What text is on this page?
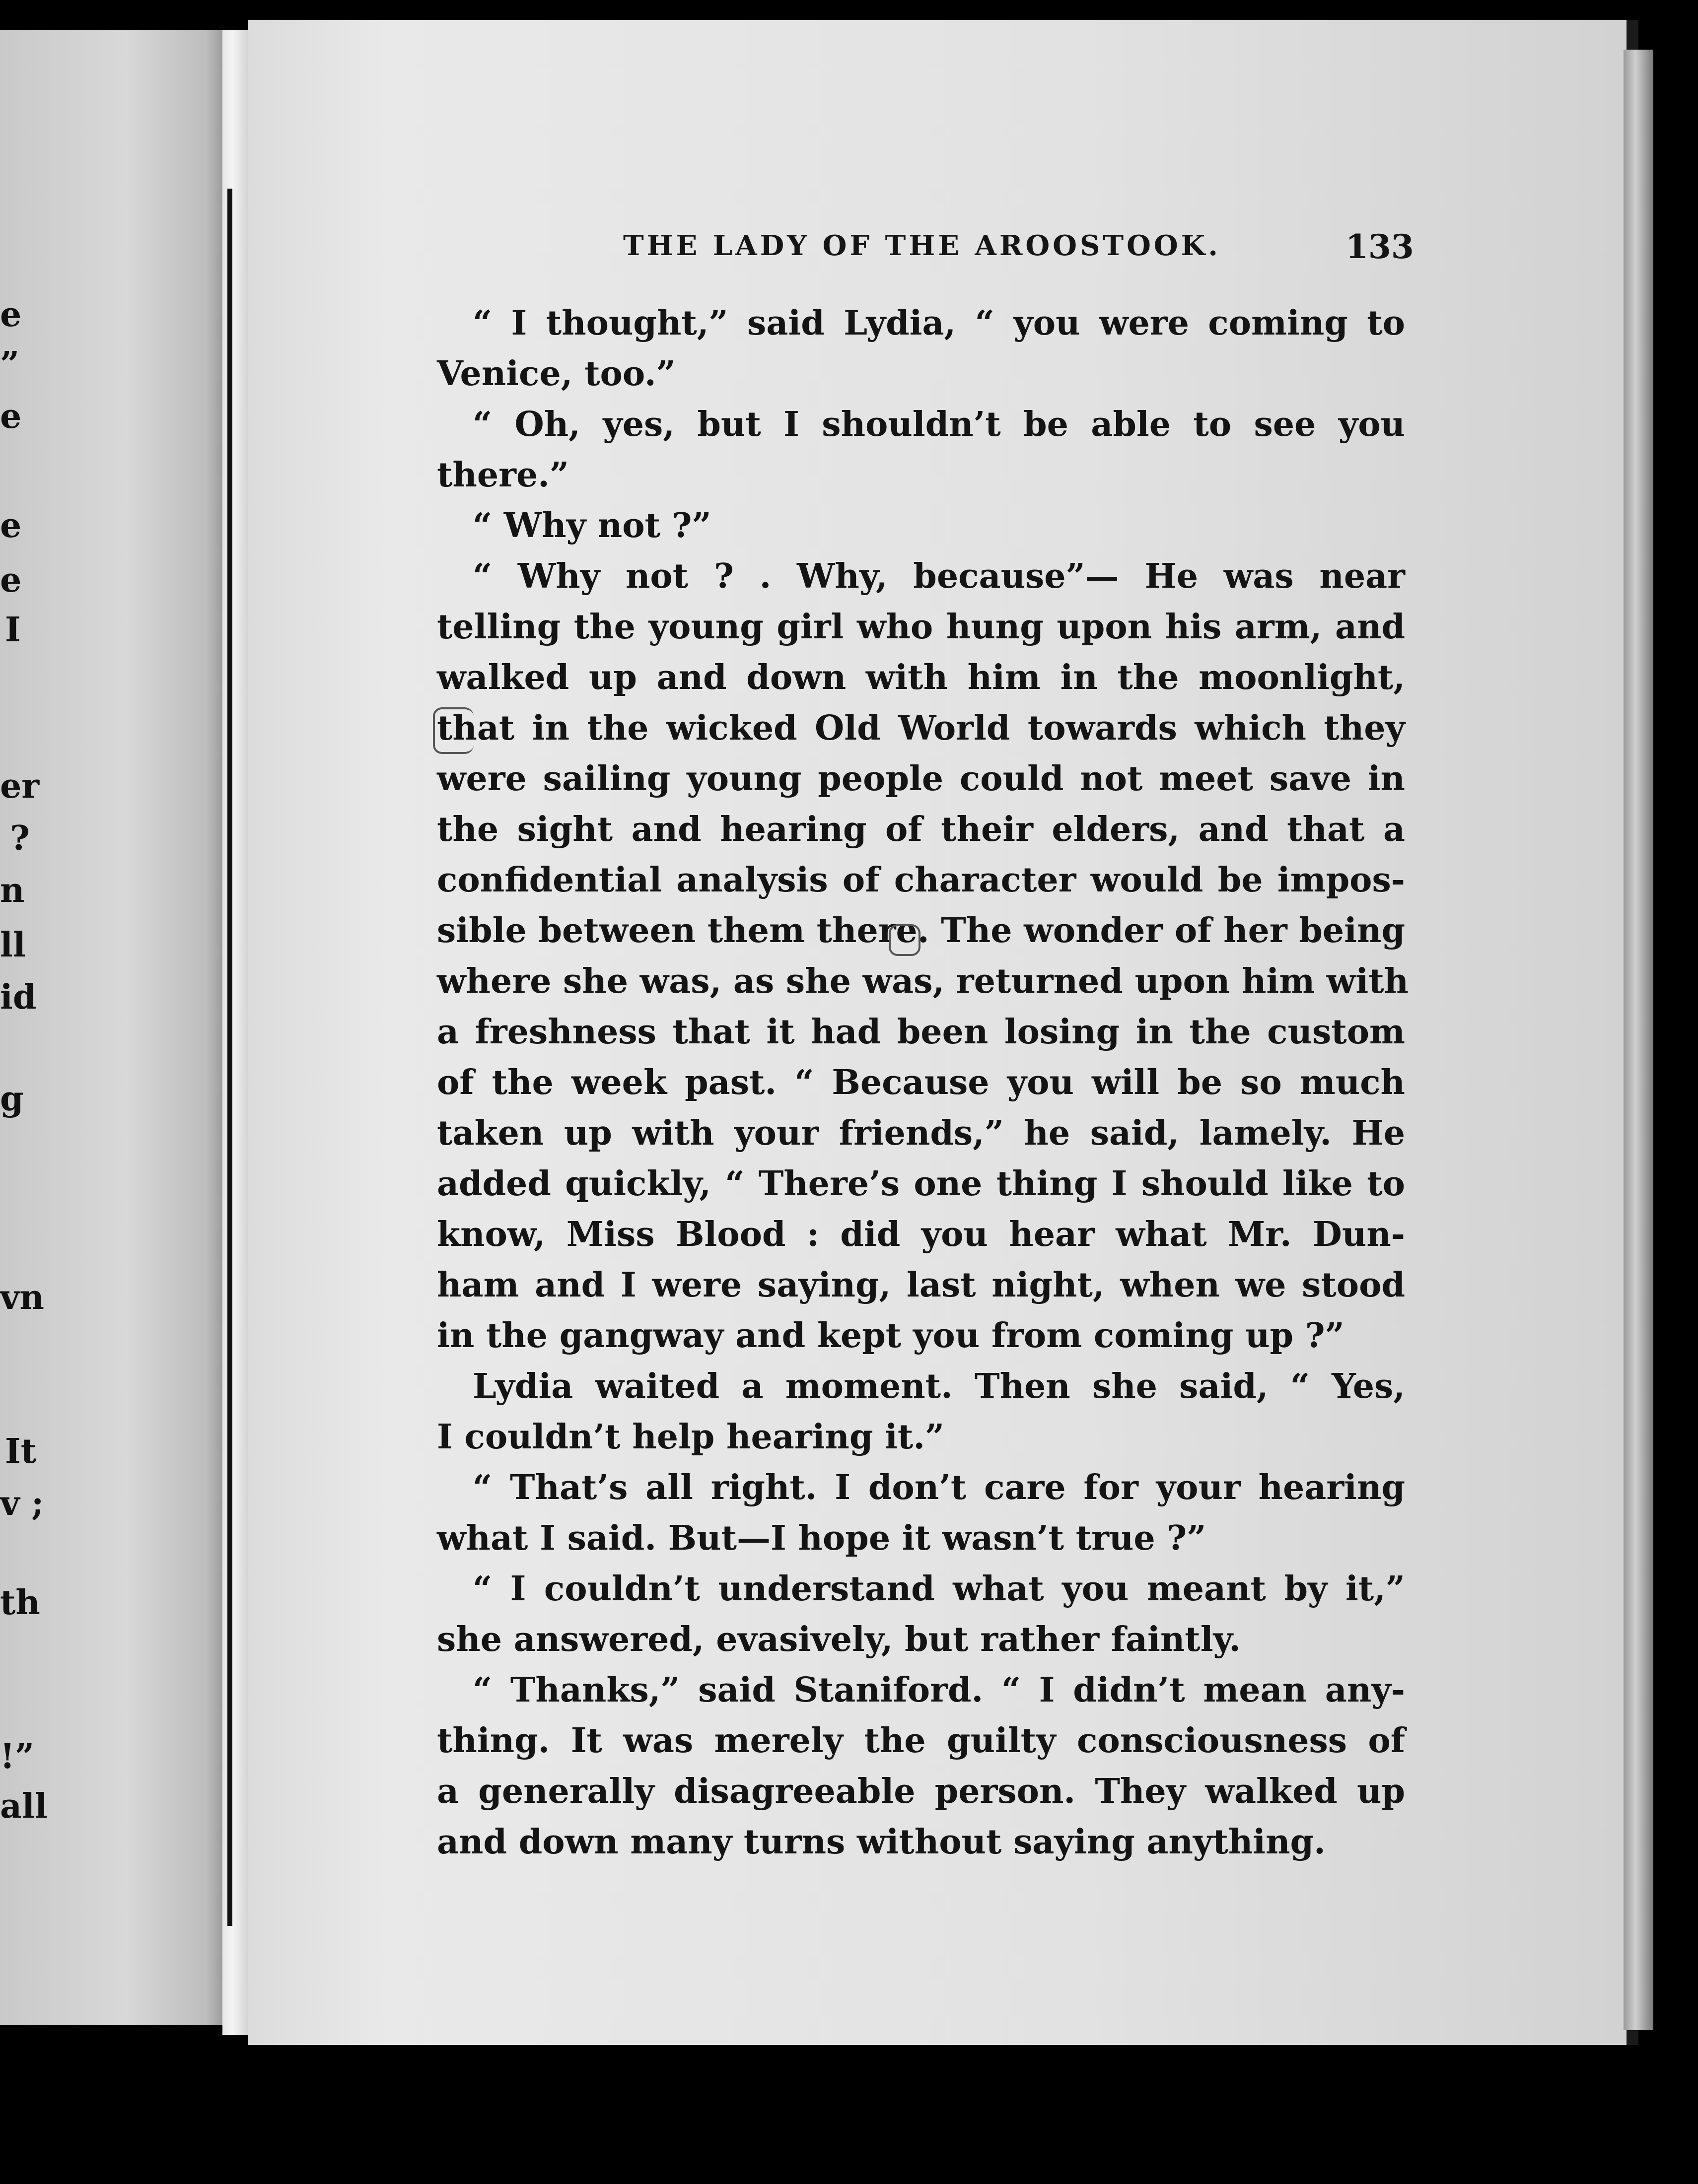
e
”
e
e
e
I
er
?
n
ll
id
g
vn
It
v ;
th
!”
all
THE LADY OF THE AROOSTOOK.	133
“ I thought,” said Lydia, “ you were coming to
Venice, too.”
“ Oh, yes, but I shouldn’t be able to see you
there.”
“ Why not ?”
“ Why not ? . Why, because”— He was near
telling the young girl who hung upon his arm, and
walked up and down with him in the moonlight,
that in the wicked Old World towards which they
were sailing young people could not meet save in
the sight and hearing of their elders, and that a
confidential analysis of character would be impos-
sible between them there. The wonder of her being
where she was, as she was, returned upon him with
a freshness that it had been losing in the custom
of the week past. “ Because you will be so much
taken up with your friends,” he said, lamely. He
added quickly, “ There’s one thing I should like to
know, Miss Blood : did you hear what Mr. Dun-
ham and I were saying, last night, when we stood
in the gangway and kept you from coming up ?”
Lydia waited a moment. Then she said, “ Yes,
I couldn’t help hearing it.”
“ That’s all right. I don’t care for your hearing
what I said. But—I hope it wasn’t true ?”
“ I couldn’t understand what you meant by it,”
she answered, evasively, but rather faintly.
“ Thanks,” said Staniford. “ I didn’t mean any-
thing. It was merely the guilty consciousness of
a generally disagreeable person. They walked up
and down many turns without saying anything.
